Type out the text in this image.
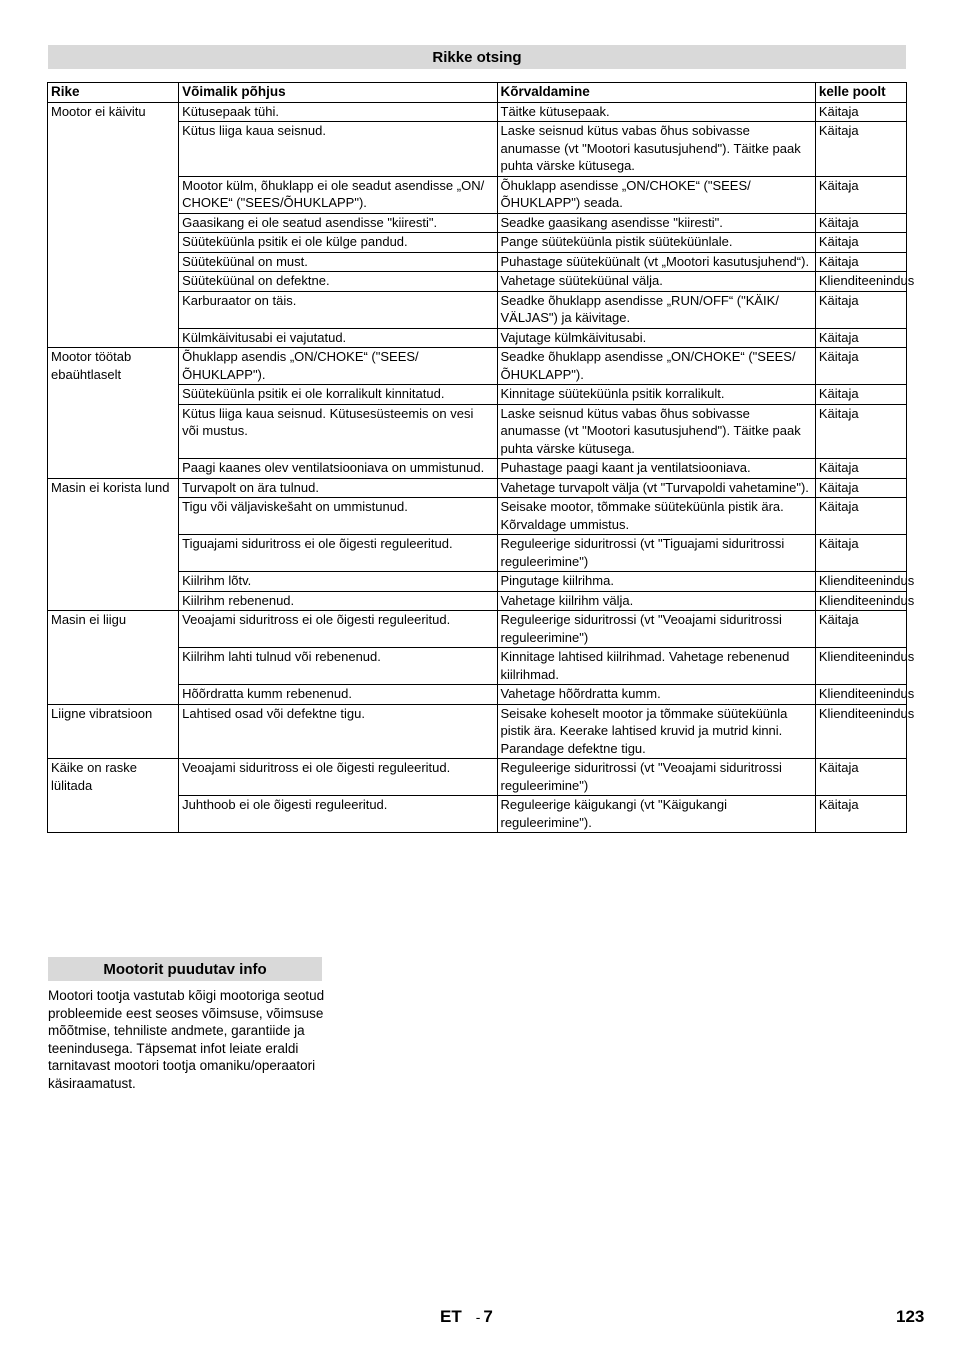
Rikke otsing
Rike	Võimalik põhjus	Kõrvaldamine	kelle poolt
Mootor ei käivitu	Kütusepaak tühi.	Täitke kütusepaak.	Käitaja
	Kütus liiga kaua seisnud.	Laske seisnud kütus vabas õhus sobivasse anumasse (vt "Mootori kasutusjuhend"). Täitke paak puhta värske kütusega.	Käitaja
	Mootor külm, õhuklapp ei ole seadut asendisse „ON/ CHOKE“ ("SEES/ÕHUKLAPP").	Õhuklapp asendisse „ON/CHOKE“ ("SEES/ ÕHUKLAPP") seada.	Käitaja
	Gaasikang ei ole seatud asendisse "kiiresti".	Seadke gaasikang asendisse "kiiresti".	Käitaja
	Süüteküünla psitik ei ole külge pandud.	Pange süüteküünla pistik süüteküünlale.	Käitaja
	Süüteküünal on must.	Puhastage süüteküünalt (vt „Mootori kasutusjuhend“).	Käitaja
	Süüteküünal on defektne.	Vahetage süüteküünal välja.	Klienditeenindus
	Karburaator on täis.	Seadke õhuklapp asendisse „RUN/OFF“ ("KÄIK/ VÄLJAS") ja käivitage.	Käitaja
	Külmkäivitusabi ei vajutatud.	Vajutage külmkäivitusabi.	Käitaja
Mootor töötab ebaühtlaselt	Õhuklapp asendis „ON/CHOKE“ ("SEES/ ÕHUKLAPP").	Seadke õhuklapp asendisse „ON/CHOKE“ ("SEES/ ÕHUKLAPP").	Käitaja
	Süüteküünla psitik ei ole korralikult kinnitatud.	Kinnitage süüteküünla psitik korralikult.	Käitaja
	Kütus liiga kaua seisnud. Kütusesüsteemis on vesi või mustus.	Laske seisnud kütus vabas õhus sobivasse anumasse (vt "Mootori kasutusjuhend"). Täitke paak puhta värske kütusega.	Käitaja
	Paagi kaanes olev ventilatsiooniava on ummistunud.	Puhastage paagi kaant ja ventilatsiooniava.	Käitaja
Masin ei korista lund	Turvapolt on ära tulnud.	Vahetage turvapolt välja (vt "Turvapoldi vahetamine").	Käitaja
	Tigu või väljaviskešaht on ummistunud.	Seisake mootor, tõmmake süüteküünla pistik ära. Kõrvaldage ummistus.	Käitaja
	Tiguajami siduritross ei ole õigesti reguleeritud.	Reguleerige siduritrossi (vt "Tiguajami siduritrossi reguleerimine")	Käitaja
	Kiilrihm lõtv.	Pingutage kiilrihma.	Klienditeenindus
	Kiilrihm rebenenud.	Vahetage kiilrihm välja.	Klienditeenindus
Masin ei liigu	Veoajami siduritross ei ole õigesti reguleeritud.	Reguleerige siduritrossi (vt "Veoajami siduritrossi reguleerimine")	Käitaja
	Kiilrihm lahti tulnud või rebenenud.	Kinnitage lahtised kiilrihmad. Vahetage rebenenud kiilrihmad.	Klienditeenindus
	Hõõrdratta kumm rebenenud.	Vahetage hõõrdratta kumm.	Klienditeenindus
Liigne vibratsioon	Lahtised osad või defektne tigu.	Seisake koheselt mootor ja tõmmake süüteküünla pistik ära. Keerake lahtised kruvid ja mutrid kinni. Parandage defektne tigu.	Klienditeenindus
Käike on raske lülitada	Veoajami siduritross ei ole õigesti reguleeritud.	Reguleerige siduritrossi (vt "Veoajami siduritrossi reguleerimine")	Käitaja
	Juhthoob ei ole õigesti reguleeritud.	Reguleerige käigukangi (vt "Käigukangi reguleerimine").	Käitaja
Mootorit puudutav info
Mootori tootja vastutab kõigi mootoriga seotud probleemide eest seoses võimsuse, võimsuse mõõtmise, tehniliste andmete, garantiide ja teenindusega. Täpsemat infot leiate eraldi tarnitavast mootori tootja omaniku/operaatori käsiraamatust.
ET - 7	123
